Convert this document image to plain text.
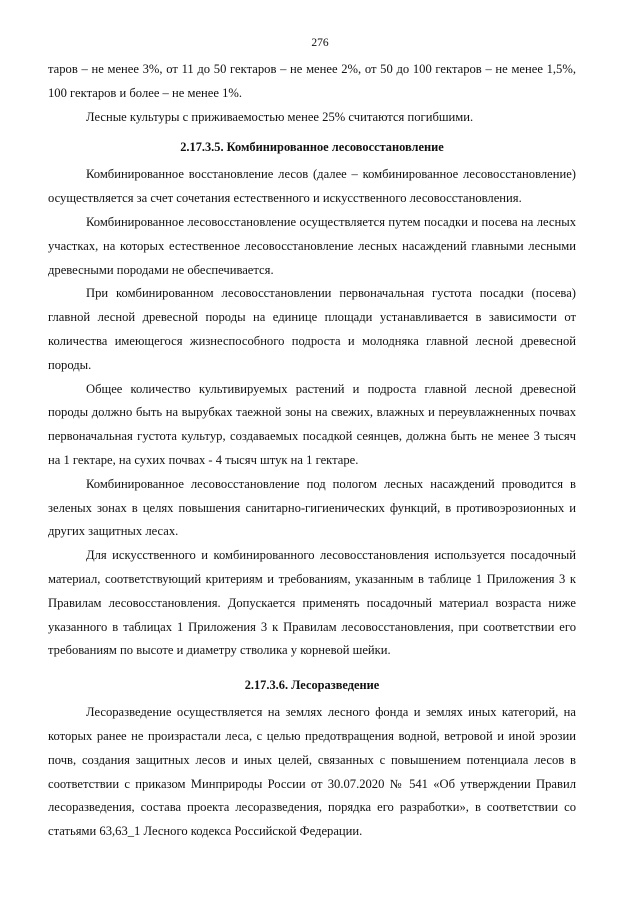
276

таров – не менее 3%, от 11 до 50 гектаров – не менее 2%, от 50 до 100 гектаров – не менее 1,5%, 100 гектаров и более – не менее 1%.

Лесные культуры с приживаемостью менее 25% считаются погибшими.

2.17.3.5. Комбинированное лесовосстановление

Комбинированное восстановление лесов (далее – комбинированное лесовосстановление) осуществляется за счет сочетания естественного и искусственного лесовосстановления.

Комбинированное лесовосстановление осуществляется путем посадки и посева на лесных участках, на которых естественное лесовосстановление лесных насаждений главными лесными древесными породами не обеспечивается.

При комбинированном лесовосстановлении первоначальная густота посадки (посева) главной лесной древесной породы на единице площади устанавливается в зависимости от количества имеющегося жизнеспособного подроста и молодняка главной лесной древесной породы.

Общее количество культивируемых растений и подроста главной лесной древесной породы должно быть на вырубках таежной зоны на свежих, влажных и переувлажненных почвах первоначальная густота культур, создаваемых посадкой сеянцев, должна быть не менее 3 тысяч на 1 гектаре, на сухих почвах - 4 тысяч штук на 1 гектаре.

Комбинированное лесовосстановление под пологом лесных насаждений проводится в зеленых зонах в целях повышения санитарно-гигиенических функций, в противоэрозионных и других защитных лесах.

Для искусственного и комбинированного лесовосстановления используется посадочный материал, соответствующий критериям и требованиям, указанным в таблице 1 Приложения 3 к Правилам лесовосстановления. Допускается применять посадочный материал возраста ниже указанного в таблицах 1 Приложения 3 к Правилам лесовосстановления, при соответствии его требованиям по высоте и диаметру стволика у корневой шейки.

2.17.3.6. Лесоразведение

Лесоразведение осуществляется на землях лесного фонда и землях иных категорий, на которых ранее не произрастали леса, с целью предотвращения водной, ветровой и иной эрозии почв, создания защитных лесов и иных целей, связанных с повышением потенциала лесов в соответствии с приказом Минприроды России от 30.07.2020 № 541 «Об утверждении Правил лесоразведения, состава проекта лесоразведения, порядка его разработки», в соответствии со статьями 63,63_1 Лесного кодекса Российской Федерации.
